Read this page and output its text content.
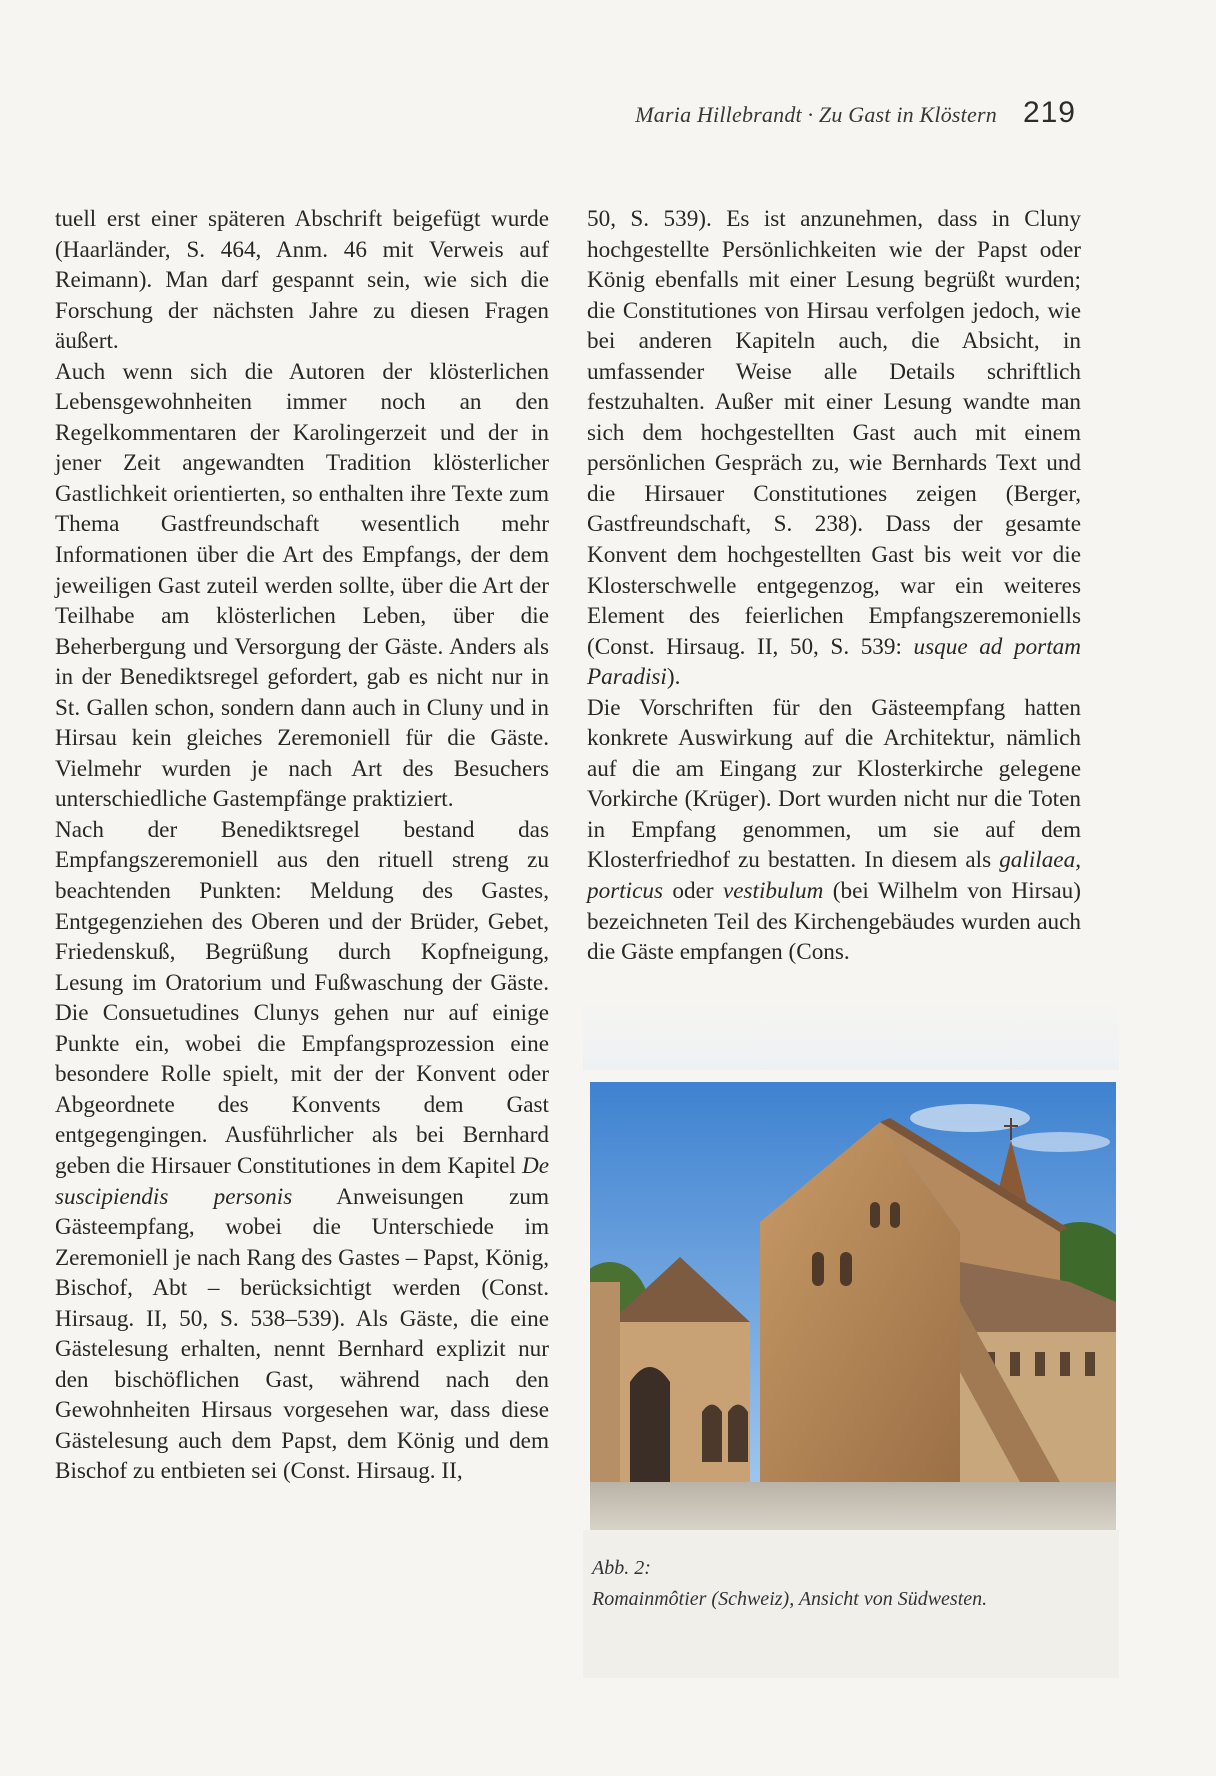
Maria Hillebrandt · Zu Gast in Klöstern 219

tuell erst einer späteren Abschrift beigefügt wurde (Haarländer, S. 464, Anm. 46 mit Verweis auf Reimann). Man darf gespannt sein, wie sich die Forschung der nächsten Jahre zu diesen Fragen äußert.

Auch wenn sich die Autoren der klösterlichen Lebensgewohnheiten immer noch an den Regelkommentaren der Karolingerzeit und der in jener Zeit angewandten Tradition klösterlicher Gastlichkeit orientierten, so enthalten ihre Texte zum Thema Gastfreundschaft wesentlich mehr Informationen über die Art des Empfangs, der dem jeweiligen Gast zuteil werden sollte, über die Art der Teilhabe am klösterlichen Leben, über die Beherbergung und Versorgung der Gäste. Anders als in der Benediktsregel gefordert, gab es nicht nur in St. Gallen schon, sondern dann auch in Cluny und in Hirsau kein gleiches Zeremoniell für die Gäste. Vielmehr wurden je nach Art des Besuchers unterschiedliche Gastempfänge praktiziert.

Nach der Benediktsregel bestand das Empfangszeremoniell aus den rituell streng zu beachtenden Punkten: Meldung des Gastes, Entgegenziehen des Oberen und der Brüder, Gebet, Friedenskuß, Begrüßung durch Kopfneigung, Lesung im Oratorium und Fußwaschung der Gäste. Die Consuetudines Clunys gehen nur auf einige Punkte ein, wobei die Empfangsprozession eine besondere Rolle spielt, mit der der Konvent oder Abgeordnete des Konvents dem Gast entgegengingen. Ausführlicher als bei Bernhard geben die Hirsauer Constitutiones in dem Kapitel De suscipiendis personis Anweisungen zum Gästeempfang, wobei die Unterschiede im Zeremoniell je nach Rang des Gastes – Papst, König, Bischof, Abt – berücksichtigt werden (Const. Hirsaug. II, 50, S. 538–539). Als Gäste, die eine Gästelesung erhalten, nennt Bernhard explizit nur den bischöflichen Gast, während nach den Gewohnheiten Hirsaus vorgesehen war, dass diese Gästelesung auch dem Papst, dem König und dem Bischof zu entbieten sei (Const. Hirsaug. II,

50, S. 539). Es ist anzunehmen, dass in Cluny hochgestellte Persönlichkeiten wie der Papst oder König ebenfalls mit einer Lesung begrüßt wurden; die Constitutiones von Hirsau verfolgen jedoch, wie bei anderen Kapiteln auch, die Absicht, in umfassender Weise alle Details schriftlich festzuhalten. Außer mit einer Lesung wandte man sich dem hochgestellten Gast auch mit einem persönlichen Gespräch zu, wie Bernhards Text und die Hirsauer Constitutiones zeigen (Berger, Gastfreundschaft, S. 238). Dass der gesamte Konvent dem hochgestellten Gast bis weit vor die Klosterschwelle entgegenzog, war ein weiteres Element des feierlichen Empfangszeremoniells (Const. Hirsaug. II, 50, S. 539: usque ad portam Paradisi).

Die Vorschriften für den Gästeempfang hatten konkrete Auswirkung auf die Architektur, nämlich auf die am Eingang zur Klosterkirche gelegene Vorkirche (Krüger). Dort wurden nicht nur die Toten in Empfang genommen, um sie auf dem Klosterfriedhof zu bestatten. In diesem als galilaea, porticus oder vestibulum (bei Wilhelm von Hirsau) bezeichneten Teil des Kirchengebäudes wurden auch die Gäste empfangen (Cons.

Abb. 2:
Romainmôtier (Schweiz), Ansicht von Südwesten.
